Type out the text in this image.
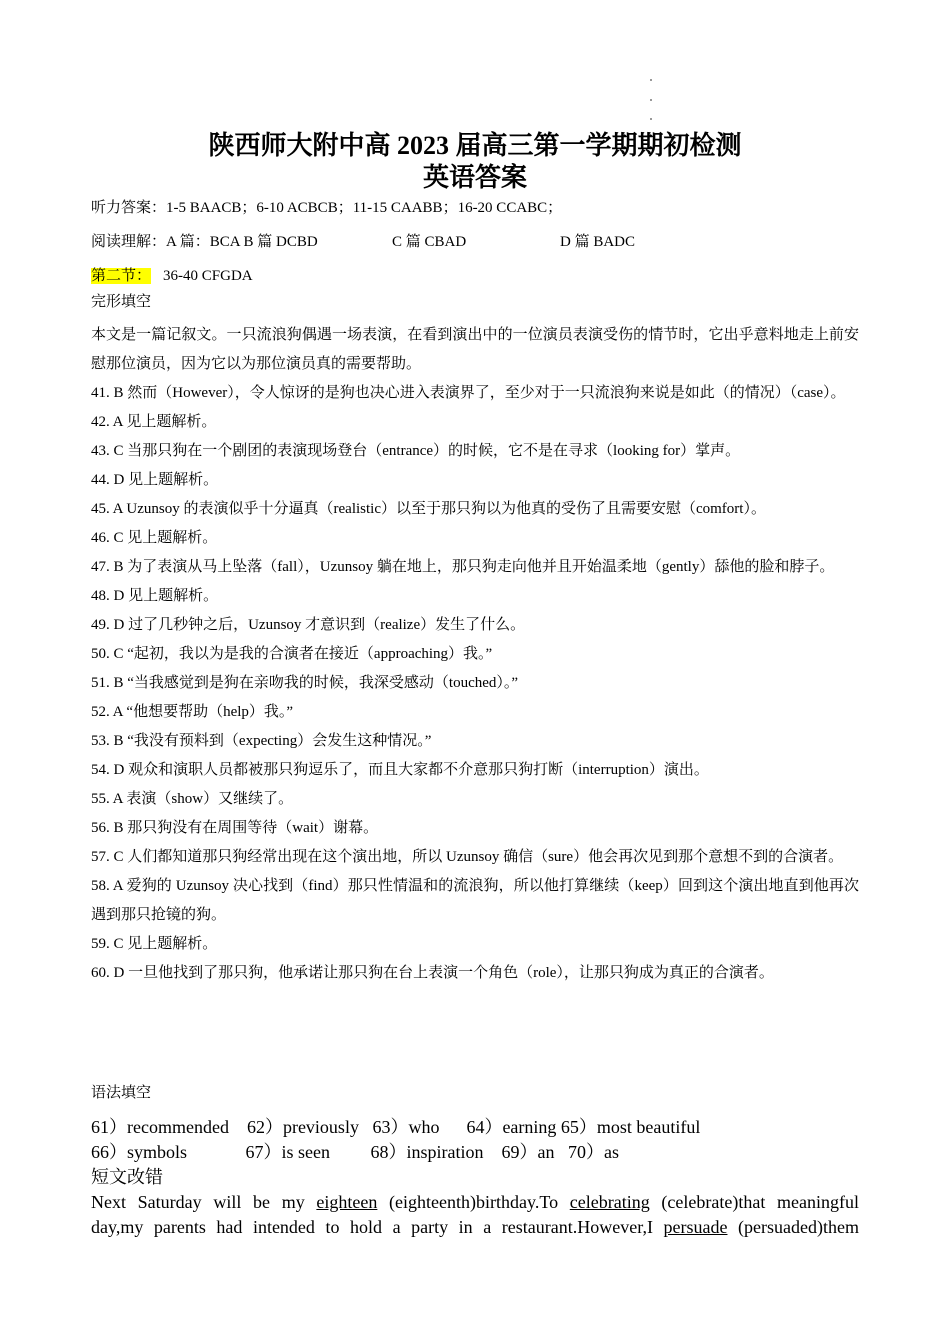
陕西师大附中高 2023 届高三第一学期期初检测
英语答案
听力答案：1-5 BAACB；6-10 ACBCB；11-15 CAABB；16-20 CCABC；
阅读理解：A 篇：BCA B 篇 DCBD	C 篇 CBAD	D 篇 BADC
第二节： 36-40 CFGDA
完形填空
本文是一篇记叙文。一只流浪狗偶遇一场表演，在看到演出中的一位演员表演受伤的情节时，它出乎意料地走上前安慰那位演员，因为它以为那位演员真的需要帮助。
41. B 然而（However），令人惊讶的是狗也决心进入表演界了，至少对于一只流浪狗来说是如此（的情况）（case）。
42. A 见上题解析。
43. C 当那只狗在一个剧团的表演现场登台（entrance）的时候，它不是在寻求（looking for）掌声。
44. D 见上题解析。
45. A Uzunsoy 的表演似乎十分逼真（realistic）以至于那只狗以为他真的受伤了且需要安慰（comfort）。
46. C 见上题解析。
47. B 为了表演从马上坠落（fall），Uzunsoy 躺在地上，那只狗走向他并且开始温柔地（gently）舔他的脸和脖子。
48. D 见上题解析。
49. D 过了几秒钟之后，Uzunsoy 才意识到（realize）发生了什么。
50. C “起初，我以为是我的合演者在接近（approaching）我。”
51. B “当我感觉到是狗在亲吻我的时候，我深受感动（touched）。”
52. A “他想要帮助（help）我。”
53. B “我没有预料到（expecting）会发生这种情况。”
54. D 观众和演职人员都被那只狗逗乐了，而且大家都不介意那只狗打断（interruption）演出。
55. A 表演（show）又继续了。
56. B 那只狗没有在周围等待（wait）谢幕。
57. C 人们都知道那只狗经常出现在这个演出地，所以 Uzunsoy 确信（sure）他会再次见到那个意想不到的合演者。
58. A 爱狗的 Uzunsoy 决心找到（find）那只性情温和的流浪狗，所以他打算继续（keep）回到这个演出地直到他再次遇到那只抢镜的狗。
59. C 见上题解析。
60. D 一旦他找到了那只狗，他承诺让那只狗在台上表演一个角色（role），让那只狗成为真正的合演者。
语法填空
61）recommended    62）previously   63）who      64）earning 65）most beautiful
66）symbols             67）is seen         68）inspiration    69）an   70）as
短文改错
Next Saturday will be my eighteen (eighteenth)birthday.To celebrating (celebrate)that meaningful
day,my parents had intended to hold a party in a restaurant.However,I persuade (persuaded)them
